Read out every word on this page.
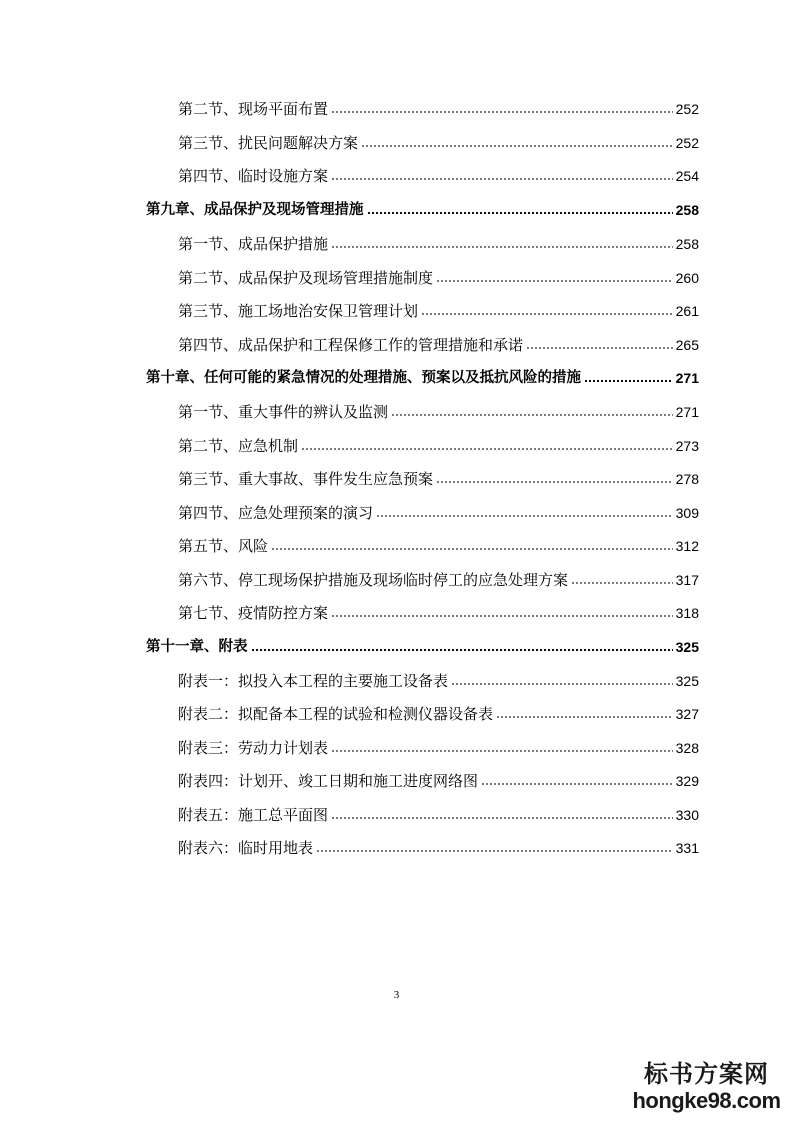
第二节、现场平面布置	252
第三节、扰民问题解决方案	252
第四节、临时设施方案	254
第九章、成品保护及现场管理措施	258
第一节、成品保护措施	258
第二节、成品保护及现场管理措施制度	260
第三节、施工场地治安保卫管理计划	261
第四节、成品保护和工程保修工作的管理措施和承诺	265
第十章、任何可能的紧急情况的处理措施、预案以及抵抗风险的措施	271
第一节、重大事件的辨认及监测	271
第二节、应急机制	273
第三节、重大事故、事件发生应急预案	278
第四节、应急处理预案的演习	309
第五节、风险	312
第六节、停工现场保护措施及现场临时停工的应急处理方案	317
第七节、疫情防控方案	318
第十一章、附表	325
附表一：拟投入本工程的主要施工设备表	325
附表二：拟配备本工程的试验和检测仪器设备表	327
附表三：劳动力计划表	328
附表四：计划开、竣工日期和施工进度网络图	329
附表五：施工总平面图	330
附表六：临时用地表	331
3
标书方案网
hongke98.com
